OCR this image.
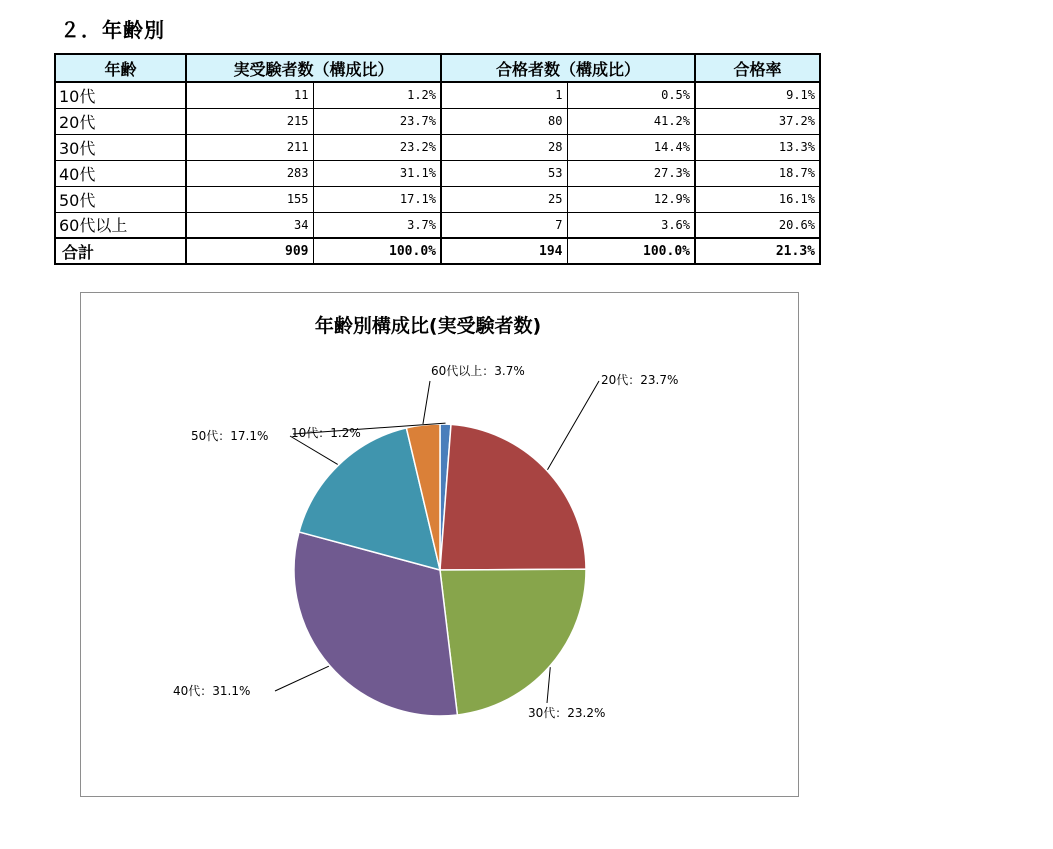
２．年齢別
年齢	実受験者数（構成比）		合格者数（構成比）		合格率
10代	11	1.2%	1	0.5%	9.1%
20代	215	23.7%	80	41.2%	37.2%
30代	211	23.2%	28	14.4%	13.3%
40代	283	31.1%	53	27.3%	18.7%
50代	155	17.1%	25	12.9%	16.1%
60代以上	34	3.7%	7	3.6%	20.6%
合計	909	100.0%	194	100.0%	21.3%
年齢別構成比(実受験者数)
10代：1.2%
20代：23.7%
30代：23.2%
40代：31.1%
50代：17.1%
60代以上：3.7%
